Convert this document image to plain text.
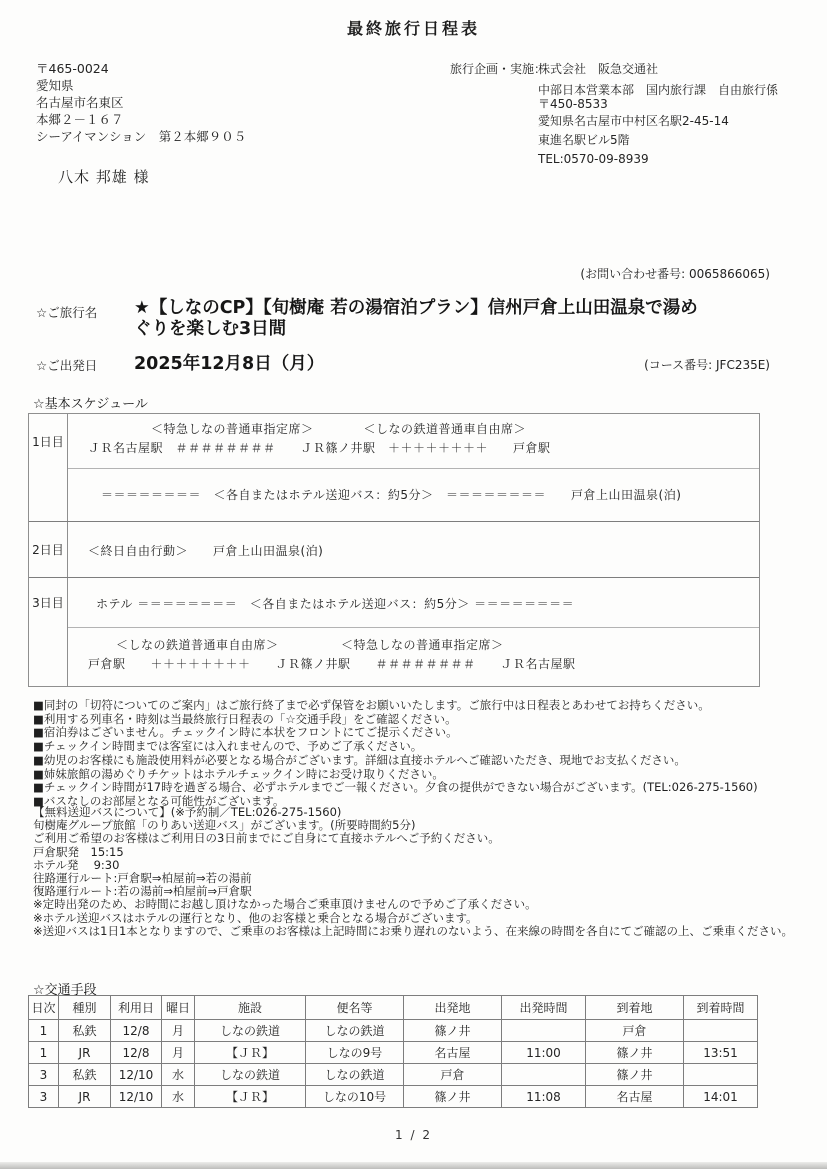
最終旅行日程表
〒465-0024
愛知県
名古屋市名東区
本郷２－１６７
シーアイマンション　第２本郷９０５
旅行企画・実施：
株式会社　阪急交通社
中部日本営業本部　国内旅行課　自由旅行係
〒450-8533
愛知県名古屋市中村区名駅2-45-14
東進名駅ビル5階
TEL:0570-09-8939
八木 邦雄 様
(お問い合わせ番号: 0065866065)
☆ご旅行名 ★【しなのCP】【旬樹庵 若の湯宿泊プラン】信州戸倉上山田温泉で湯めぐりを楽しむ3日間
☆ご出発日 2025年12月8日（月）	(コース番号: JFC235E)
☆基本スケジュール
1日目
＜特急しなの普通車指定席＞　　　　＜しなの鉄道普通車自由席＞
ＪＲ名古屋駅　＃＃＃＃＃＃＃＃　　ＪＲ篠ノ井駅　＋＋＋＋＋＋＋＋　　戸倉駅
＝＝＝＝＝＝＝＝　＜各自またはホテル送迎バス：約5分＞　＝＝＝＝＝＝＝＝　　戸倉上山田温泉(泊)
2日目	＜終日自由行動＞　　戸倉上山田温泉(泊)
3日目	ホテル ＝＝＝＝＝＝＝＝　＜各自またはホテル送迎バス：約5分＞ ＝＝＝＝＝＝＝＝
＜しなの鉄道普通車自由席＞　　　　　＜特急しなの普通車指定席＞
戸倉駅　　＋＋＋＋＋＋＋＋　　ＪＲ篠ノ井駅　　＃＃＃＃＃＃＃＃　　ＪＲ名古屋駅
■同封の「切符についてのご案内」はご旅行終了まで必ず保管をお願いいたします。ご旅行中は日程表とあわせてお持ちください。
■利用する列車名・時刻は当最終旅行日程表の「☆交通手段」をご確認ください。
■宿泊券はございません。チェックイン時に本状をフロントにてご提示ください。
■チェックイン時間までは客室には入れませんので、予めご了承ください。
■幼児のお客様にも施設使用料が必要となる場合がございます。詳細は直接ホテルへご確認いただき、現地でお支払ください。
■姉妹旅館の湯めぐりチケットはホテルチェックイン時にお受け取りください。
■チェックイン時間が17時を過ぎる場合、必ずホテルまでご一報ください。夕食の提供ができない場合がございます。(TEL:026-275-1560)
■バスなしのお部屋となる可能性がございます。
【無料送迎バスについて】(※予約制／TEL:026-275-1560)
旬樹庵グループ旅館「のりあい送迎バス」がございます。(所要時間約5分)
ご利用ご希望のお客様はご利用日の3日前までにご自身にて直接ホテルへご予約ください。
戸倉駅発　15:15
ホテル発　 9:30
往路運行ルート:戸倉駅⇒柏屋前⇒若の湯前
復路運行ルート:若の湯前⇒柏屋前⇒戸倉駅
※定時出発のため、お時間にお越し頂けなかった場合ご乗車頂けませんので予めご了承ください。
※ホテル送迎バスはホテルの運行となり、他のお客様と乗合となる場合がございます。
※送迎バスは1日1本となりますので、ご乗車のお客様は上記時間にお乗り遅れのないよう、在来線の時間を各自にてご確認の上、ご乗車ください。
☆交通手段
日次	種別	利用日	曜日	施設	便名等	出発地	出発時間	到着地	到着時間
1	私鉄	12/8	月	しなの鉄道	しなの鉄道	篠ノ井		戸倉	
1	JR	12/8	月	【ＪＲ】	しなの9号	名古屋	11:00	篠ノ井	13:51
3	私鉄	12/10	水	しなの鉄道	しなの鉄道	戸倉		篠ノ井	
3	JR	12/10	水	【ＪＲ】	しなの10号	篠ノ井	11:08	名古屋	14:01
1 / 2
